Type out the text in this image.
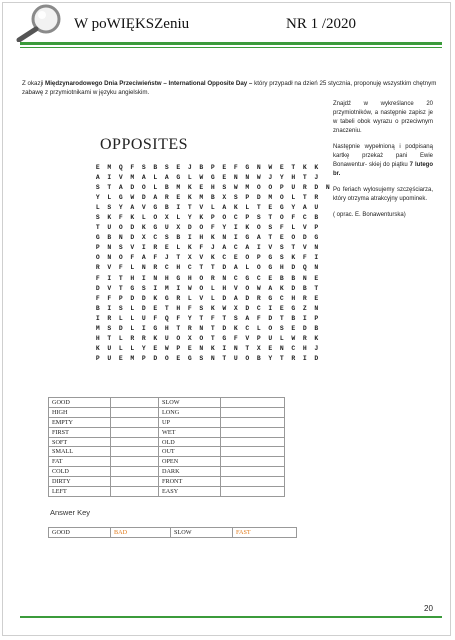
W poWIĘKSZeniu	NR 1 /2020
Z okazji Międzynarodowego Dnia Przeciwieństw – International Opposite Day – który przypadł na dzień 25 stycznia, proponuję wszystkim chętnym zabawę z przymiotnikami w języku angielskim.
OPPOSITES
E M Q F S B S E J B P E F G N W E T K K
A I V M A L A G L W G E N N W J Y H T J
S T A D O L B M K E H S W M O O P U R D N
Y L G W D A R E K M B X S P D M O L T R
L S Y A V G B I T V L A K L T E G Y A U
S K F K L O X L Y K P O C P S T O F C B
T U O D K G U X D O F Y I K O S F L V P
G B N D X C S B I H K N I G A T E O D G
P N S V I R E L K F J A C A I V S T V N
O N O F A F J T X V K C E O P G S K F I
R V F L N R C H C T T D A L O G H D Q N
F I T H I N H G H O R N C G C E B B N E
D V T G S I M I W O L H V O W A K D B T
F F P D D K G R L V L D A D R G C H R E
B I S L D E T H F S K W X D C I E G Z N
I R L L U F Q F Y T F T S A F D T B I P
M S D L I G H T R N T D K C L O S E D B
H T L R R K U O X O T G F V P U L W R K
K U L L Y E W P E N K I N T X E N C H J
P U E M P D O E G S N T U O B Y T R I D

Znajdź w wykreślance 20 przymiotników, a następnie zapisz je w tabeli obok wyrazu o przeciwnym znaczeniu.

Następnie wypełnioną i podpisaną kartkę przekaż pani Ewie Bonawentur- skiej do piątku 7 lutego br.

Po feriach wylosujemy szczęściarza, który otrzyma atrakcyjny upominek.

( oprac. E. Bonawenturska)

GOOD		SLOW	
HIGH		LONG	
EMPTY		UP	
FIRST		WET	
SOFT		OLD	
SMALL		OUT	
FAT		OPEN	
COLD		DARK	
DIRTY		FRONT	
LEFT		EASY	
Answer Key
GOOD	BAD	SLOW	FAST
20
